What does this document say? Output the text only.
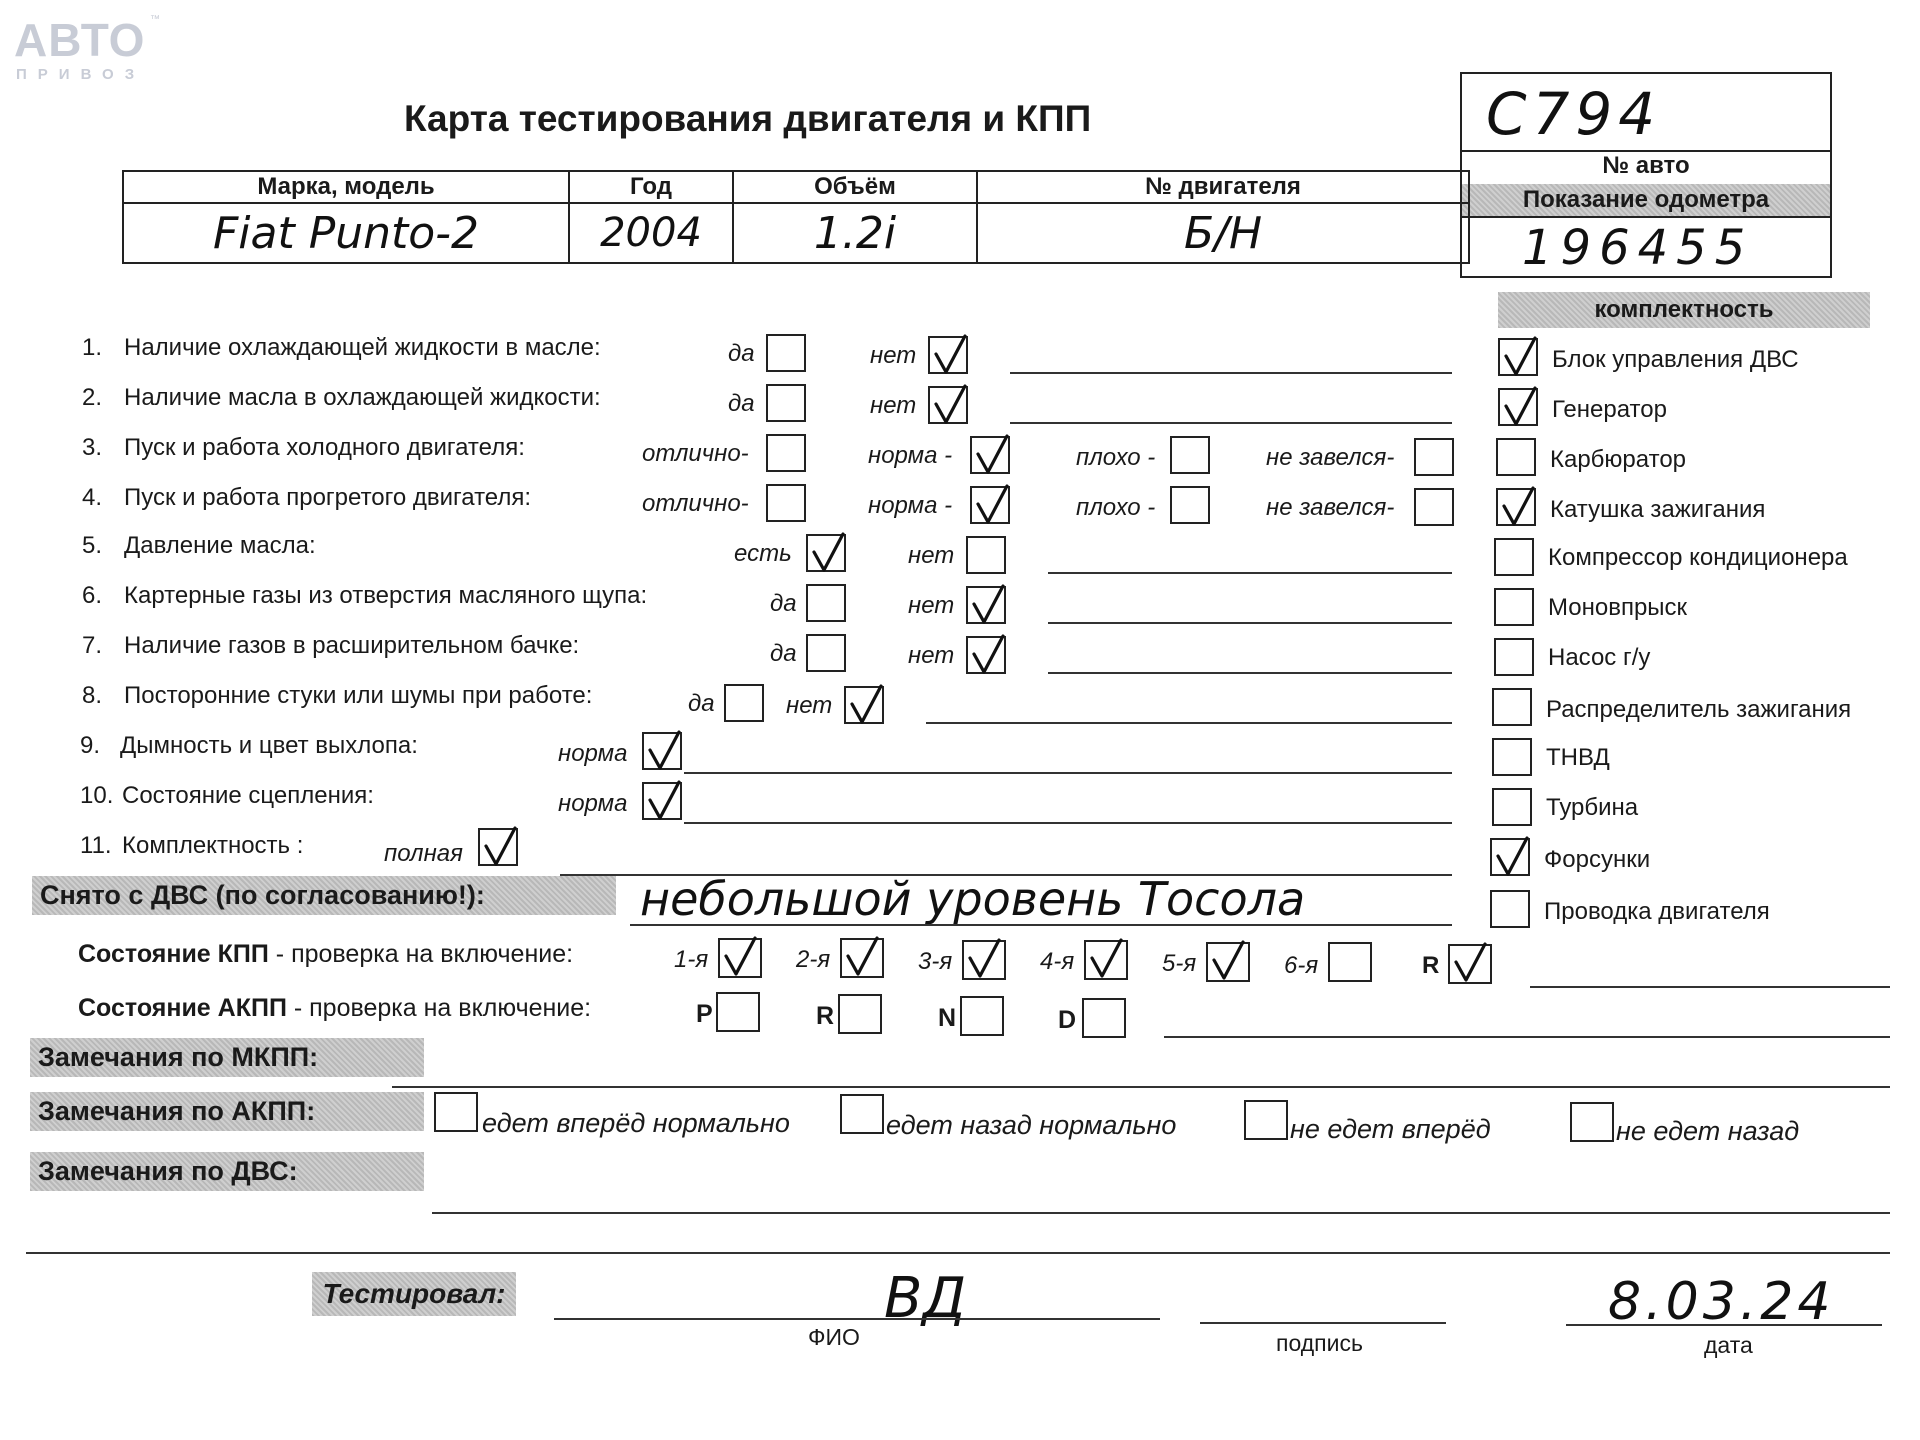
АВТО
ПРИВОЗ
™
Карта тестирования двигателя и КПП	C794
№ авто
Показание одометра
196455
Марка, модель	Год	Объём	№ двигателя
Fiat Punto-2	2004	1.2i	Б/Н
1. Наличие охлаждающей жидкости в масле:	да	нет
2. Наличие масла в охлаждающей жидкости:	да	нет
3. Пуск и работа холодного двигателя:	отлично-	норма -	плохо -	не завелся-
4. Пуск и работа прогретого двигателя:	отлично-	норма -	плохо -	не завелся-
5. Давление масла:	есть	нет
6. Картерные газы из отверстия масляного щупа:	да	нет
7. Наличие газов в расширительном бачке:	да	нет
8. Посторонние стуки или шумы при работе:	да	нет
9. Дымность и цвет выхлопа:	норма
10. Состояние сцепления:	норма
11. Комплектность :	полная
комплектность
Блок управления ДВС
Генератор
Карбюратор
Катушка зажигания
Компрессор кондиционера
Моновпрыск
Насос г/у
Распределитель зажигания
ТНВД
Турбина
Форсунки
Проводка двигателя
Снято с ДВС (по согласованию!):	небольшой уровень Тосола
Состояние КПП - проверка на включение:	1-я	2-я	3-я	4-я	5-я	6-я	R
Состояние АКПП - проверка на включение:	P	R	N	D
Замечания по МКПП:
Замечания по АКПП:	едет вперёд нормально	едет назад нормально	не едет вперёд	не едет назад
Замечания по ДВС:
Тестировал:	ВД
ФИО	подпись
8.03.24
дата
